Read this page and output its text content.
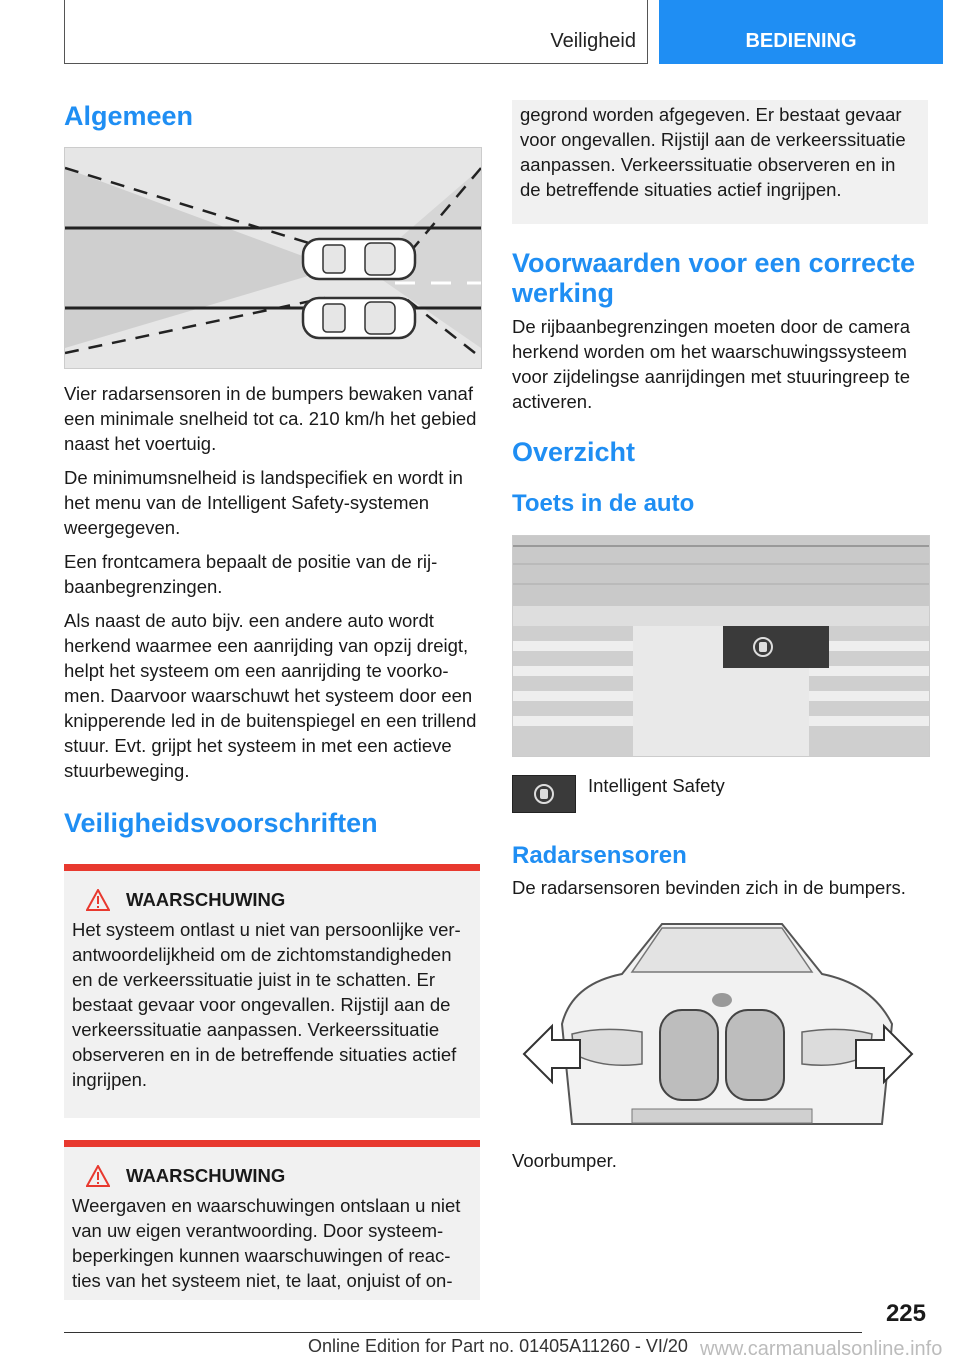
Veiligheid	BEDIENING
Algemeen

Vier radarsensoren in de bumpers bewaken vanaf een minimale snelheid tot ca. 210 km/h het gebied naast het voertuig.

De minimumsnelheid is landspecifiek en wordt in het menu van de Intelligent Safety-systemen weergegeven.

Een frontcamera bepaalt de positie van de rij-baanbegrenzingen.

Als naast de auto bijv. een andere auto wordt herkend waarmee een aanrijding van opzij dreigt, helpt het systeem om een aanrijding te voorko-men. Daarvoor waarschuwt het systeem door een knipperende led in de buitenspiegel en een trillend stuur. Evt. grijpt het systeem in met een actieve stuurbeweging.

Veiligheidsvoorschriften
WAARSCHUWING

Het systeem ontlast u niet van persoonlijke ver-antwoordelijkheid om de zichtomstandigheden en de verkeerssituatie juist in te schatten. Er bestaat gevaar voor ongevallen. Rijstijl aan de verkeerssituatie aanpassen. Verkeerssituatie observeren en in de betreffende situaties actief ingrijpen.

WAARSCHUWING

Weergaven en waarschuwingen ontslaan u niet van uw eigen verantwoording. Door systeem-beperkingen kunnen waarschuwingen of reac-ties van het systeem niet, te laat, onjuist of on-

gegrond worden afgegeven. Er bestaat gevaar voor ongevallen. Rijstijl aan de verkeerssituatie aanpassen. Verkeerssituatie observeren en in de betreffende situaties actief ingrijpen.

Voorwaarden voor een correcte werking

De rijbaanbegrenzingen moeten door de camera herkend worden om het waarschuwingssysteem voor zijdelingse aanrijdingen met stuuringreep te activeren.

Overzicht
Toets in de auto

Intelligent Safety

Radarsensoren

De radarsensoren bevinden zich in de bumpers.

Voorbumper.

225
Online Edition for Part no. 01405A11260 - VI/20 www.carmanualsonline.info
